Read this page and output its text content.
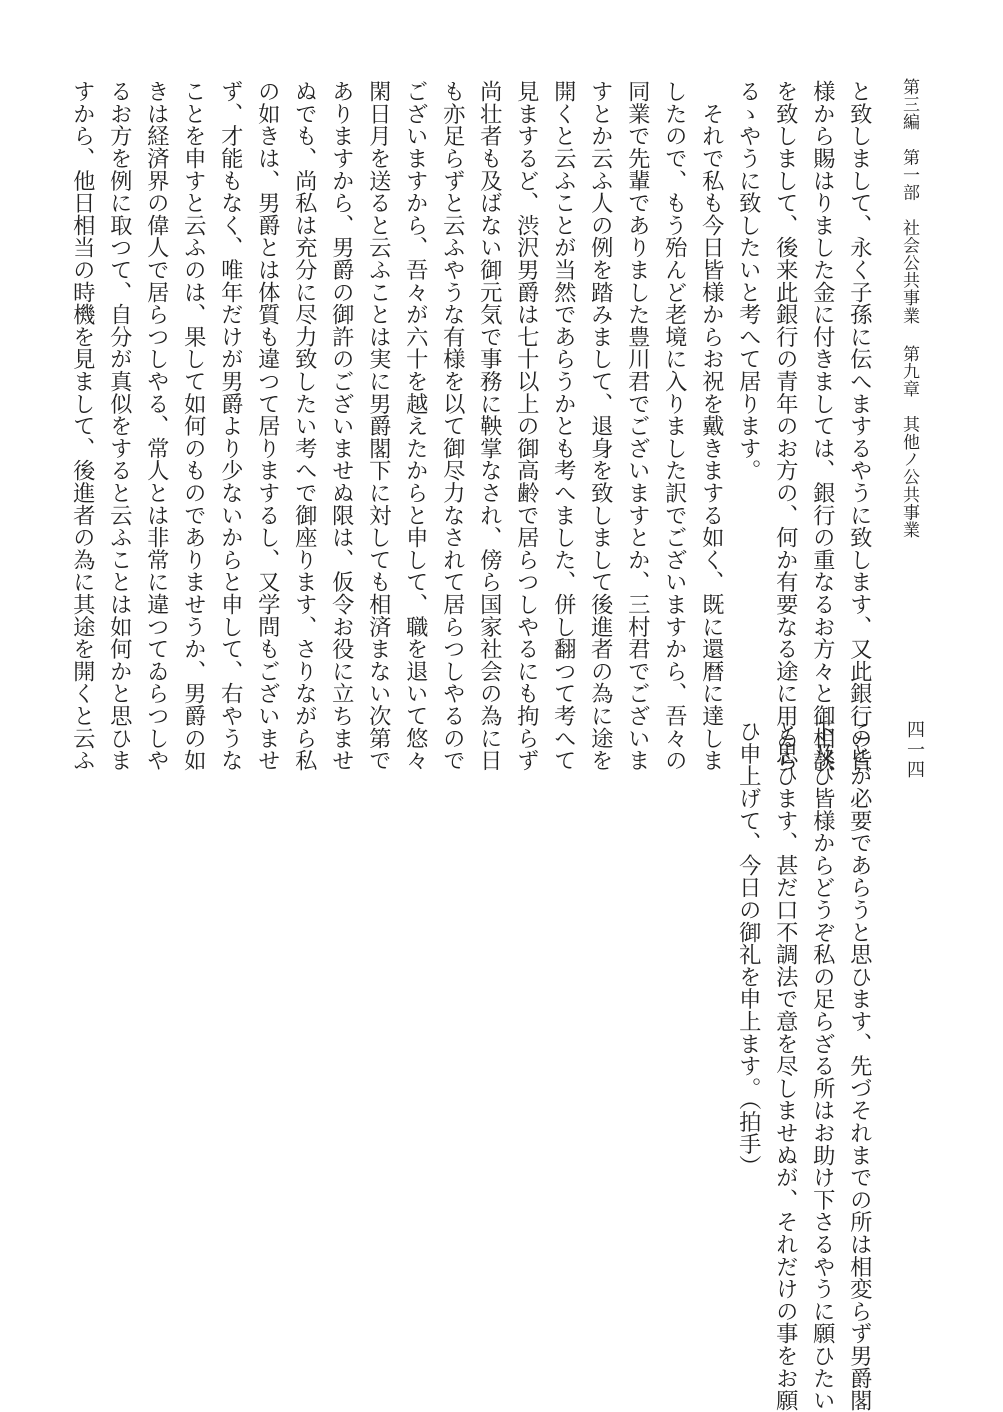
第三編　第一部　社会公共事業
第九章　其他ノ公共事業
四一四

と致しまして、永く子孫に伝へまするやうに致します、又此銀行の皆

様から賜はりました金に付きましては、銀行の重なるお方々と御相談

を致しまして、後来此銀行の青年のお方の、何か有要なる途に用ゐら

るゝやうに致したいと考へて居ります。

　それで私も今日皆様からお祝を戴きまする如く、既に還暦に達しま

したので、もう殆んど老境に入りました訳でございますから、吾々の

同業で先輩でありました豊川君でございますとか、三村君でございま

すとか云ふ人の例を踏みまして、退身を致しまして後進者の為に途を

開くと云ふことが当然であらうかとも考へました、併し翻つて考へて

見まするど、渋沢男爵は七十以上の御高齢で居らつしやるにも拘らず

尚壮者も及ばない御元気で事務に鞅掌なされ、傍ら国家社会の為に日

も亦足らずと云ふやうな有様を以て御尽力なされて居らつしやるので

ございますから、吾々が六十を越えたからと申して、職を退いて悠々

閑日月を送ると云ふことは実に男爵閣下に対しても相済まない次第で

ありますから、男爵の御許のございませぬ限は、仮令お役に立ちませ

ぬでも、尚私は充分に尽力致したい考へで御座ります、さりながら私

の如きは、男爵とは体質も違つて居りまするし、又学問もございませ

ず、才能もなく、唯年だけが男爵より少ないからと申して、右やうな

ことを申すと云ふのは、果して如何のものでありませうか、男爵の如

きは経済界の偉人で居らつしやる、常人とは非常に違つてゐらつしや

るお方を例に取つて、自分が真似をすると云ふことは如何かと思ひま

すから、他日相当の時機を見まして、後進者の為に其途を開くと云ふ

ことが必要であらうと思ひます、先づそれまでの所は相変らず男爵閣

下及び皆様からどうぞ私の足らざる所はお助け下さるやうに願ひたい

と思ひます、甚だ口不調法で意を尽しませぬが、それだけの事をお願

ひ申上げて、今日の御礼を申上ます。（拍手）
